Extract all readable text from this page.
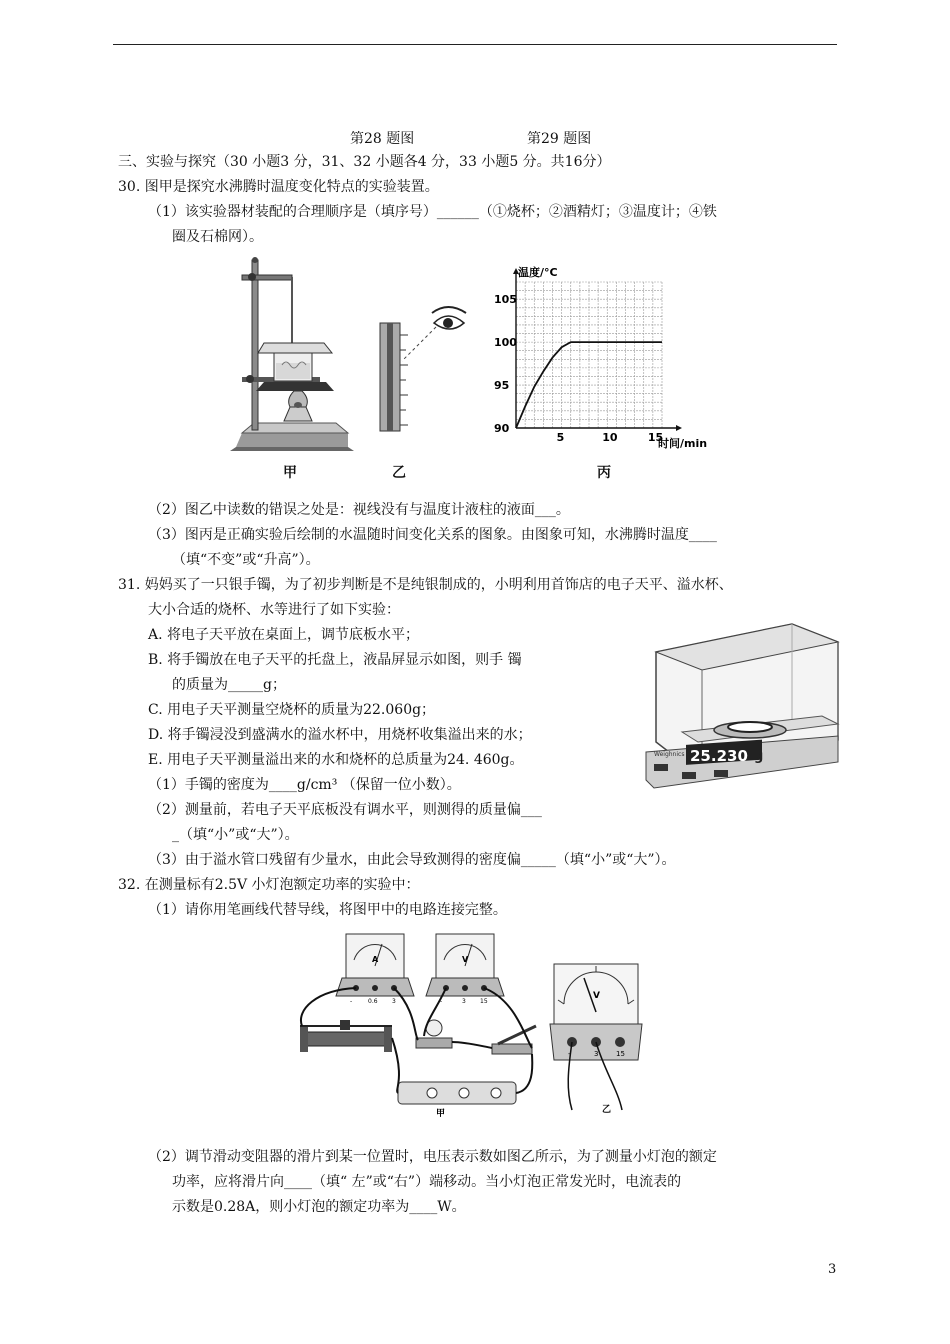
第28 题图	第29 题图
三、实验与探究（30 小题3 分，31、32 小题各4 分，33 小题5 分。共16分）
30. 图甲是探究水沸腾时温度变化特点的实验装置。
（1）该实验器材装配的合理顺序是（填序号）______（①烧杯；②酒精灯；③温度计；④铁
圈及石棉网）。
5	10	15
90
95
100
105
温度/°C
时间/min
甲	乙	丙
（2）图乙中读数的错误之处是：视线没有与温度计液柱的液面___。
（3）图丙是正确实验后绘制的水温随时间变化关系的图象。由图象可知，水沸腾时温度____
（填“不变”或“升高”）。
31. 妈妈买了一只银手镯，为了初步判断是不是纯银制成的，小明利用首饰店的电子天平、溢水杯、
大小合适的烧杯、水等进行了如下实验：
A. 将电子天平放在桌面上，调节底板水平；
B. 将手镯放在电子天平的托盘上，液晶屏显示如图，则手 镯
的质量为_____g；
C. 用电子天平测量空烧杯的质量为22.060g；
D. 将手镯浸没到盛满水的溢水杯中，用烧杯收集溢出来的水；
E. 用电子天平测量溢出来的水和烧杯的总质量为24. 460g。
（1）手镯的密度为____g/cm³ （保留一位小数）。
（2）测量前，若电子天平底板没有调水平，则测得的质量偏___
_（填“小”或“大”）。
（3）由于溢水管口残留有少量水，由此会导致测得的密度偏_____（填“小”或“大”）。
25.230 g
Weighnics
32. 在测量标有2.5V 小灯泡额定功率的实验中：
（1）请你用笔画线代替导线，将图甲中的电路连接完整。
A
-	0.6 3
V
-	3 15
甲
V
-	3	15
乙
（2）调节滑动变阻器的滑片到某一位置时，电压表示数如图乙所示，为了测量小灯泡的额定
功率，应将滑片向____（填“ 左”或“右”）端移动。当小灯泡正常发光时，电流表的
示数是0.28A，则小灯泡的额定功率为____W。
3
